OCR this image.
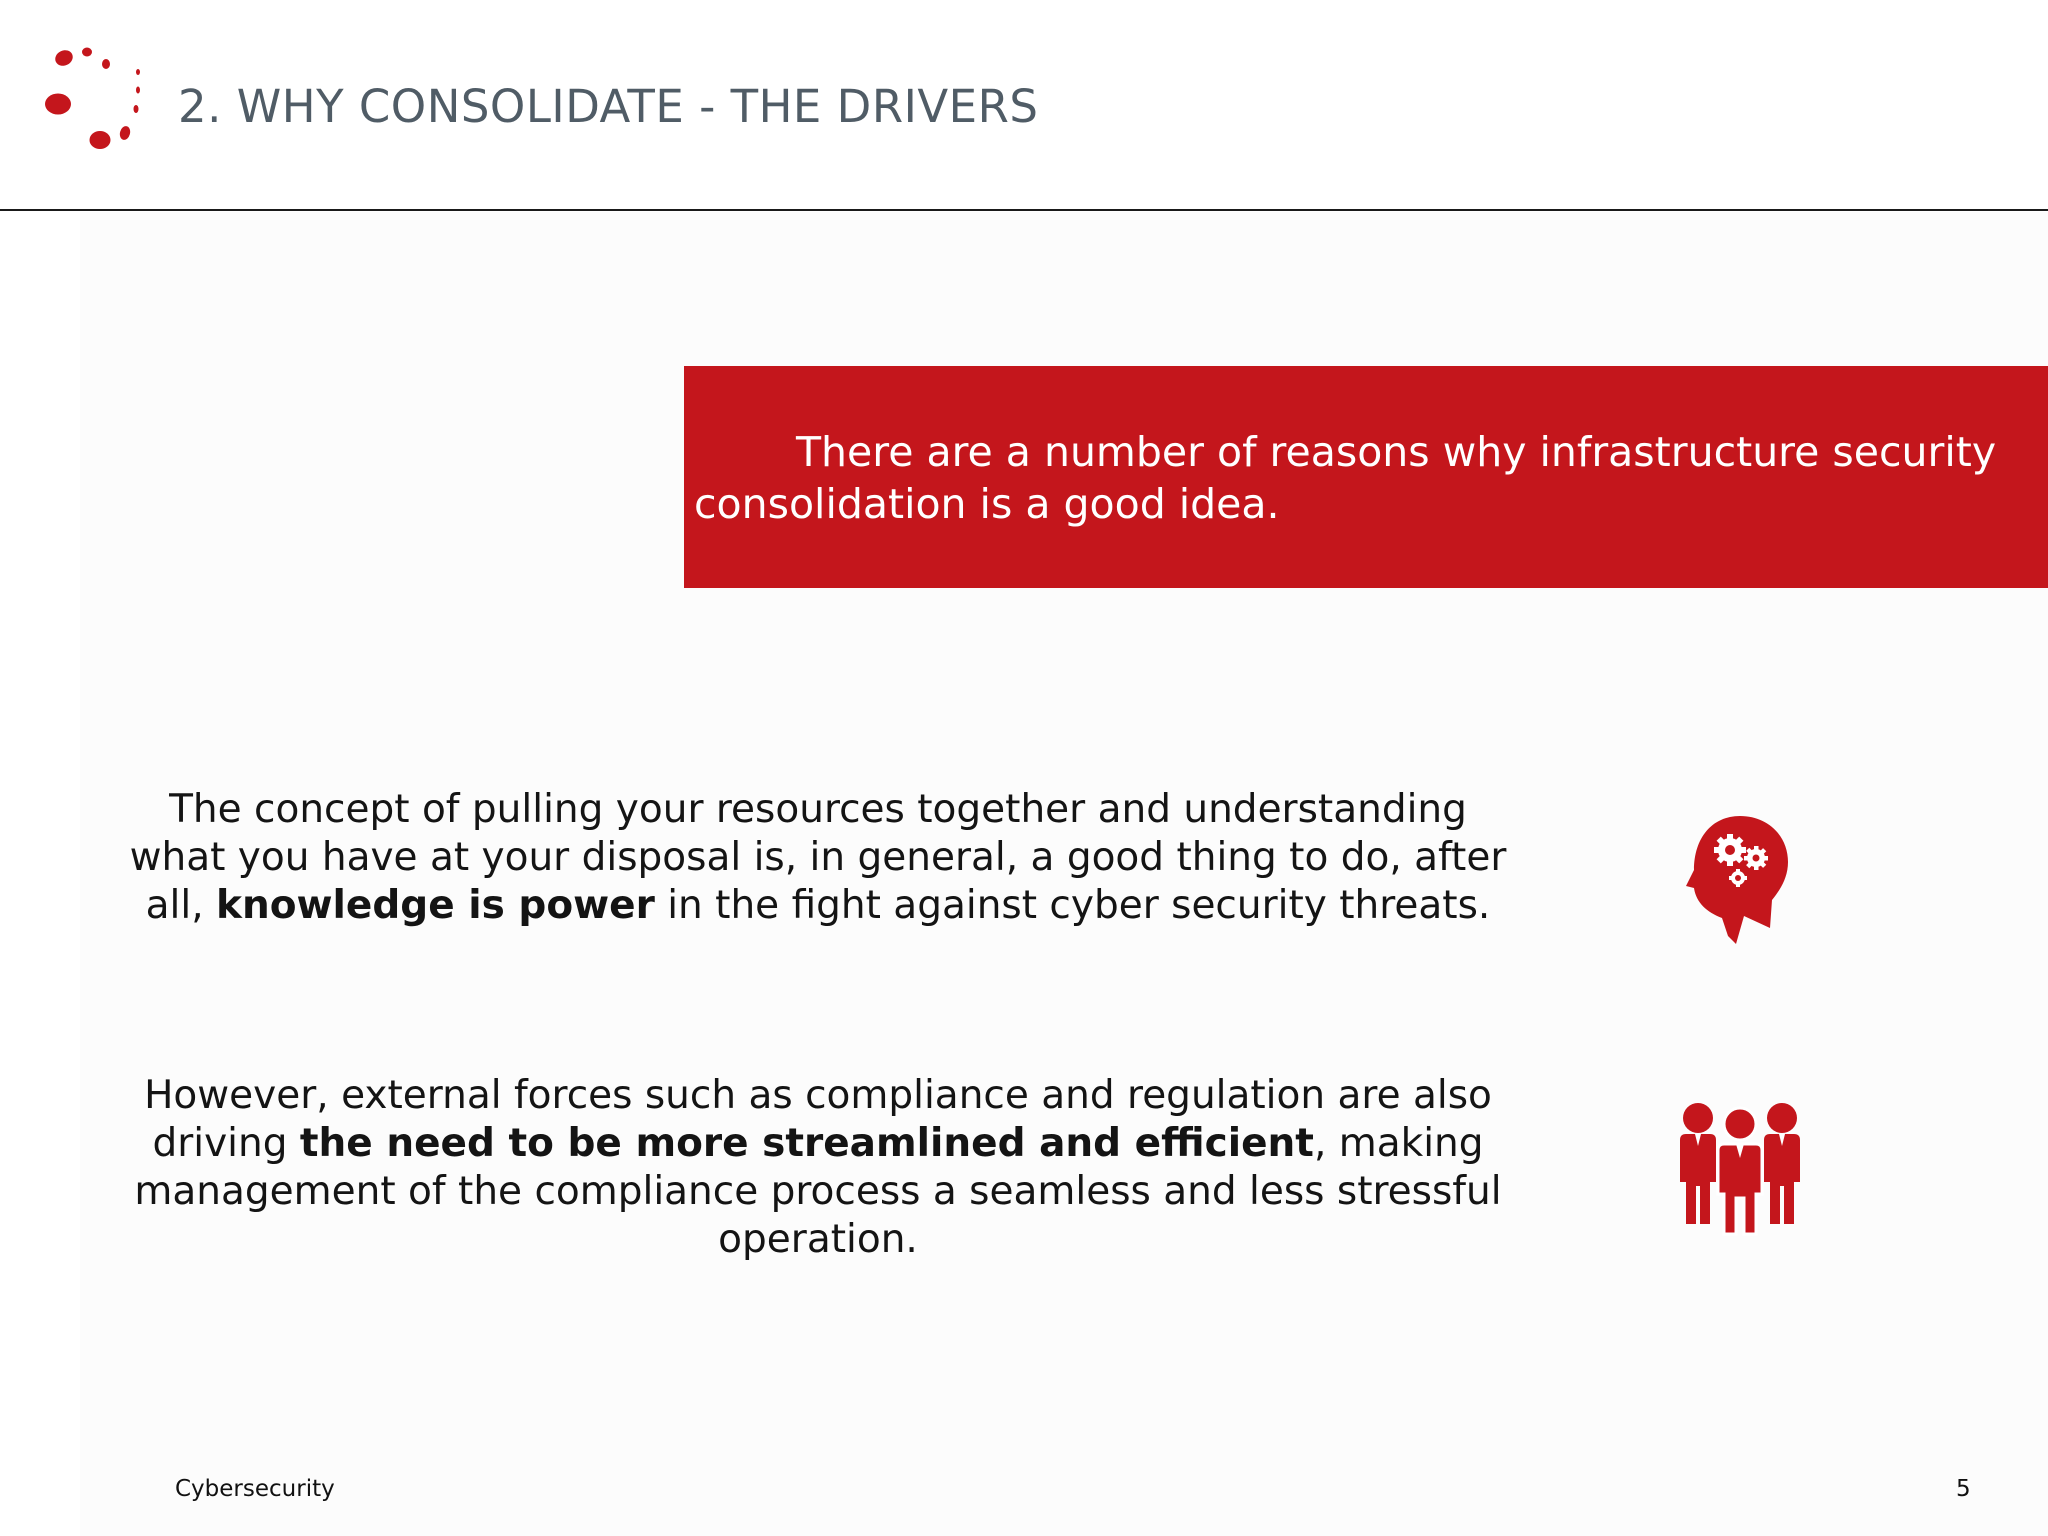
2. WHY CONSOLIDATE - THE DRIVERS

There are a number of reasons why infrastructure security consolidation is a good idea.

The concept of pulling your resources together and understanding what you have at your disposal is, in general, a good thing to do, after all, knowledge is power in the fight against cyber security threats.

However, external forces such as compliance and regulation are also driving the need to be more streamlined and efficient, making management of the compliance process a seamless and less stressful operation.

Cybersecurity	5
